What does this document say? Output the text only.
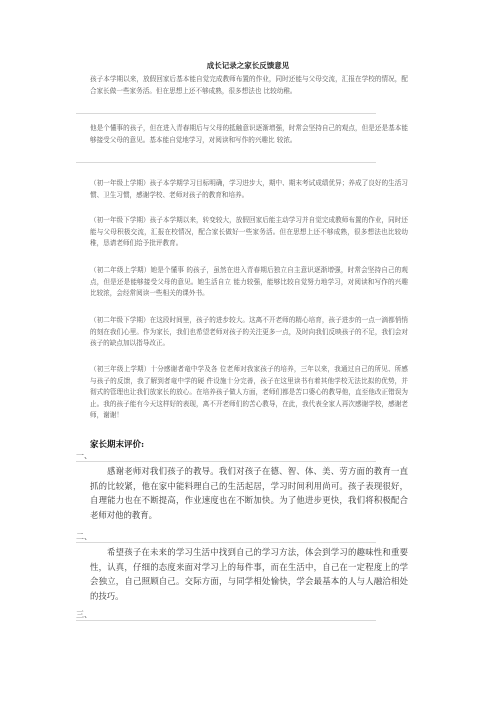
成长记录之家长反馈意见
孩子本学期以来，放假回家后基本能自觉完成教师布置的作业，同时还能与父母交流，汇报在学校的情况，配合家长做一些家务活。但在思想上还不够成熟，很多想法也 比较幼稚。
他是个懂事的孩子，但在进入青春期后与父母的抵触意识逐渐增强，时常会坚持自己的观点，但是还是基本能够接受父母的意见。基本能自觉地学习，对阅读和写作的兴趣比 较浓。
（初一年级上学期）孩子本学期学习目标明确，学习进步大，期中、期末考试成绩优异；养成了良好的生活习惯、卫生习惯，感谢学校、老师对孩子的教育和培养。
（初一年级下学期）孩子本学期以来，转变较大，放假回家后能主动学习并自觉完成教师布置的作业，同时还能与父母积极交流，汇报在校情况，配合家长做好一些家务活。但在思想上还不够成熟，很多想法也比较幼稚，恳请老师们给予批评教育。
（初二年级上学期）她是个懂事 的孩子，虽然在进入青春期后独立自主意识逐渐增强，时常会坚持自己的观点，但是还是能够接受父母的意见。她生活自立 能力较强，能够比较自觉努力地学习，对阅读和写作的兴趣比较浓，会经常阅读一些相关的课外书。
（初二年级下学期）在这段时间里，孩子的进步较大。这离不开老师的精心培育，孩子进步的一点一滴都悄悄的刻在我们心里。作为家长，我们也希望老师对孩子的关注更多一点，及时向我们反映孩子的不足，我们会对孩子的缺点加以指导改正。
（初三年级上学期）十分感谢者竜中学及各 位老师对我家孩子的培养，三年以来，我通过自己的所见、所感与孩子的反馈，我了解到者竜中学的硬 件设施十分完善，孩子在这里读书有着其他学校无法比拟的优势，并彻式的管理也让我们放家长的放心。在培养孩子做人方面，老师们都是苦口婆心的教导他，直至他改正错误为止。我的孩子能有今天这样好的表现，离不开老师们的苦心教导，在此，我代表全家人再次感谢学校，感谢老师，谢谢！
家长期末评价:
一、
感谢老师对我们孩子的教导。我们对孩子在德、智、体、美、劳方面的教育一直抓的比较紧，他在家中能料理自己的生活起居，学习时间利用尚可。孩子表现很好，自理能力也在不断提高，作业速度也在不断加快。为了他进步更快，我们将积极配合老师对他的教育。
二、
希望孩子在未来的学习生活中找到自己的学习方法，体会到学习的趣味性和重要性，认真，仔细的态度来面对学习上的每件事，而在生活中，自己在一定程度上的学会独立，自己照顾自己。交际方面，与同学相处愉快，学会最基本的人与人融洽相处的技巧。
三、
